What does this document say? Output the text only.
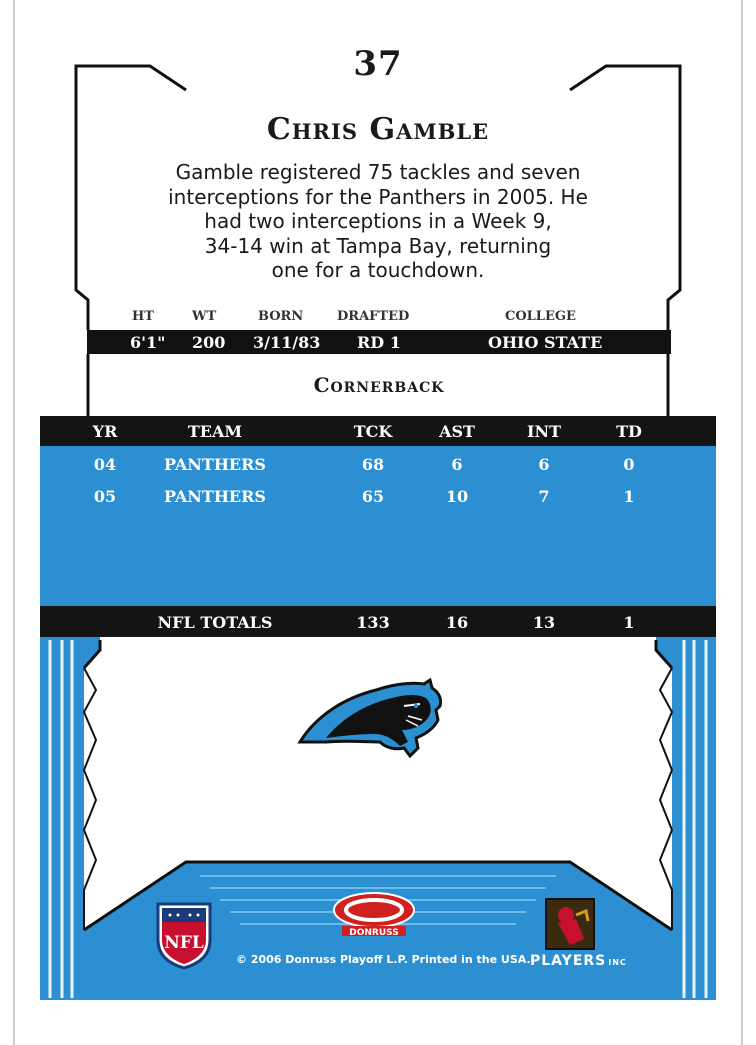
37
Chris Gamble
Gamble registered 75 tackles and seven
interceptions for the Panthers in 2005. He
had two interceptions in a Week 9,
34-14 win at Tampa Bay, returning
one for a touchdown.
HT	WT	BORN	DRAFTED	COLLEGE
6'1" 200 3/11/83 RD 1	OHIO STATE
Cornerback
YR	TEAM	TCK	AST	INT	TD
04	PANTHERS	68	6	6	0
05	PANTHERS	65	10	7	1
NFL TOTALS	133	16	13	1
NFL	DONRUSS
PLAYERS INC
© 2006 Donruss Playoff L.P. Printed in the USA.
